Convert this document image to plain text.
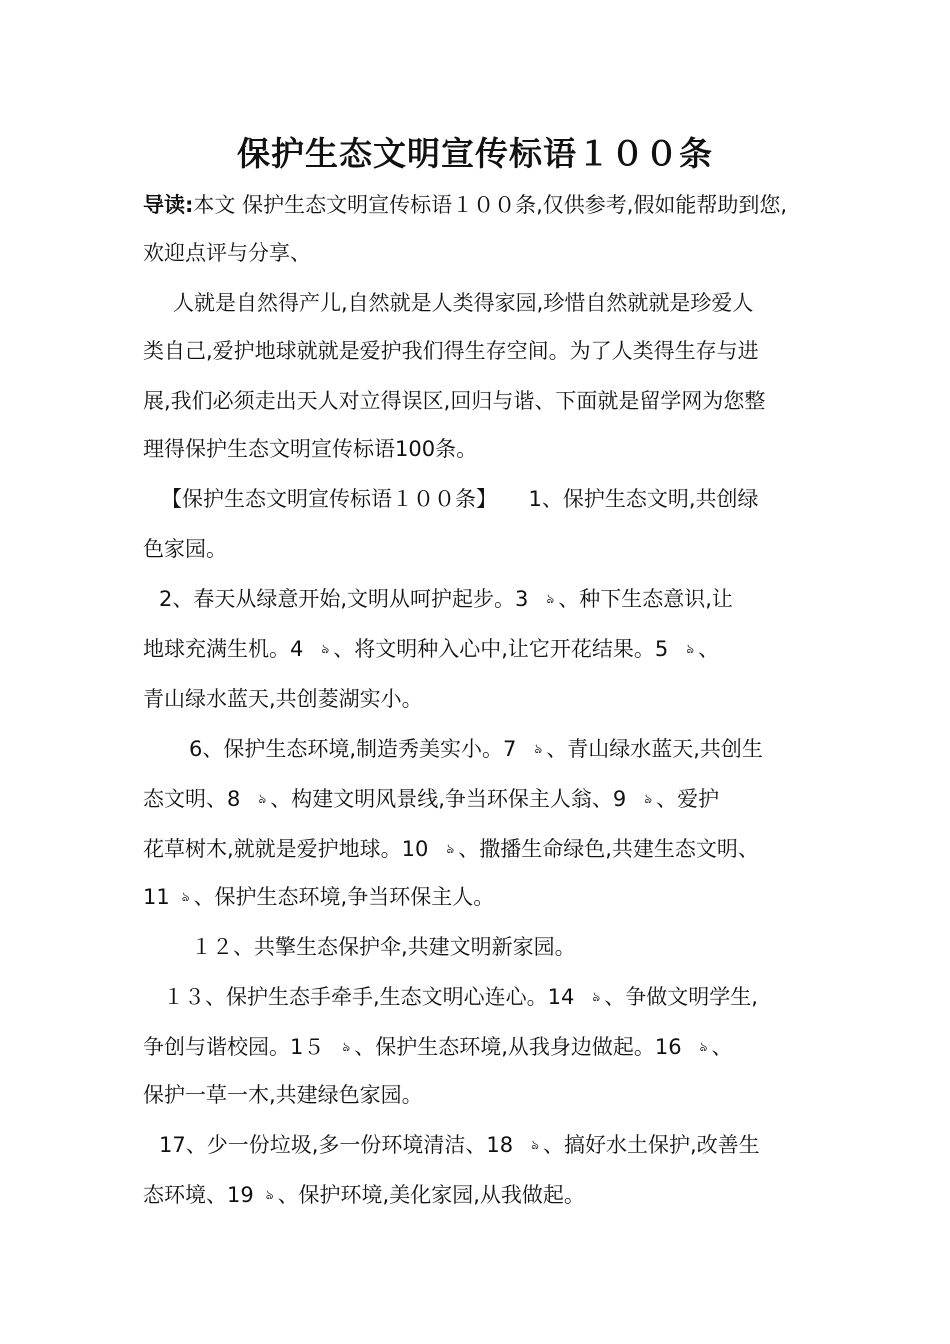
保护生态文明宣传标语１００条
导读:本文 保护生态文明宣传标语１００条,仅供参考,假如能帮助到您,
欢迎点评与分享、
人就是自然得产儿,自然就是人类得家园,珍惜自然就就是珍爱人
类自己,爱护地球就就是爱护我们得生存空间。为了人类得生存与进
展,我们必须走出天人对立得误区,回归与谐、下面就是留学网为您整
理得保护生态文明宣传标语100条。
【保护生态文明宣传标语１００条】　　1、保护生态文明,共创绿
色家园。
2、春天从绿意开始,文明从呵护起步。3 ঌ 、种下生态意识,让
地球充满生机。4 ঌ 、将文明种入心中,让它开花结果。5 ঌ 、
青山绿水蓝天,共创菱湖实小。
6、保护生态环境,制造秀美实小。7 ঌ 、青山绿水蓝天,共创生
态文明、8 ঌ 、构建文明风景线,争当环保主人翁、9 ঌ 、爱护
花草树木,就就是爱护地球。10 ঌ 、撒播生命绿色,共建生态文明、
11 ঌ 、保护生态环境,争当环保主人。
１２、共擎生态保护伞,共建文明新家园。
１３、保护生态手牵手,生态文明心连心。14 ঌ 、争做文明学生,
争创与谐校园。1５ ঌ 、保护生态环境,从我身边做起。16 ঌ 、
保护一草一木,共建绿色家园。
17、少一份垃圾,多一份环境清洁、18 ঌ 、搞好水土保护,改善生
态环境、19 ঌ 、保护环境,美化家园,从我做起。
